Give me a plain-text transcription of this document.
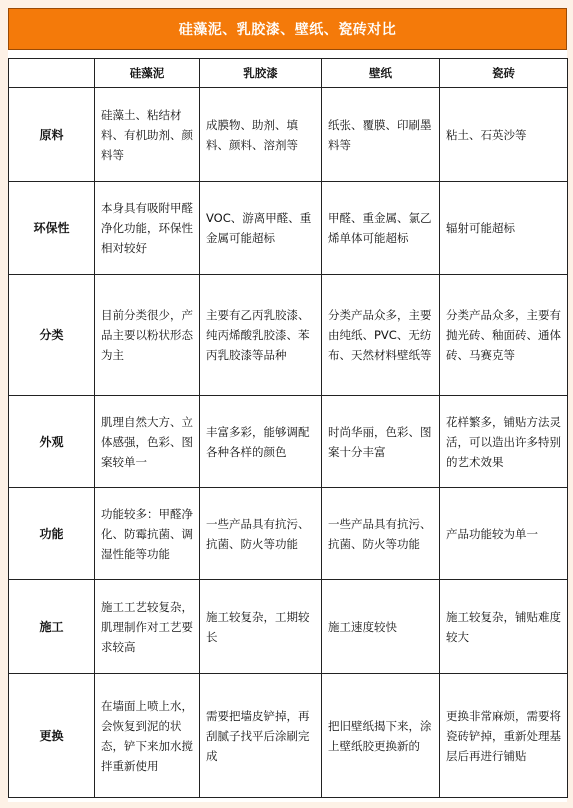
硅藻泥、乳胶漆、壁纸、瓷砖对比
	硅藻泥	乳胶漆	壁纸	瓷砖
原料	硅藻土、粘结材料、有机助剂、颜料等	成膜物、助剂、填料、颜料、溶剂等	纸张、覆膜、印刷墨料等	粘土、石英沙等
环保性	本身具有吸附甲醛净化功能，环保性相对较好	VOC、游离甲醛、重金属可能超标	甲醛、重金属、氯乙烯单体可能超标	辐射可能超标
分类	目前分类很少，产品主要以粉状形态为主	主要有乙丙乳胶漆、纯丙烯酸乳胶漆、苯丙乳胶漆等品种	分类产品众多，主要由纯纸、PVC、无纺布、天然材料壁纸等	分类产品众多，主要有抛光砖、釉面砖、通体砖、马赛克等
外观	肌理自然大方、立体感强，色彩、图案较单一	丰富多彩，能够调配各种各样的颜色	时尚华丽，色彩、图案十分丰富	花样繁多，铺贴方法灵活，可以造出许多特别的艺术效果
功能	功能较多：甲醛净化、防霉抗菌、调湿性能等功能	一些产品具有抗污、抗菌、防火等功能	一些产品具有抗污、抗菌、防火等功能	产品功能较为单一
施工	施工工艺较复杂，肌理制作对工艺要求较高	施工较复杂，工期较长	施工速度较快	施工较复杂，铺贴难度较大
更换	在墙面上喷上水，会恢复到泥的状态，铲下来加水搅拌重新使用	需要把墙皮铲掉，再刮腻子找平后涂刷完成	把旧壁纸揭下来，涂上壁纸胶更换新的	更换非常麻烦，需要将瓷砖铲掉，重新处理基层后再进行铺贴
